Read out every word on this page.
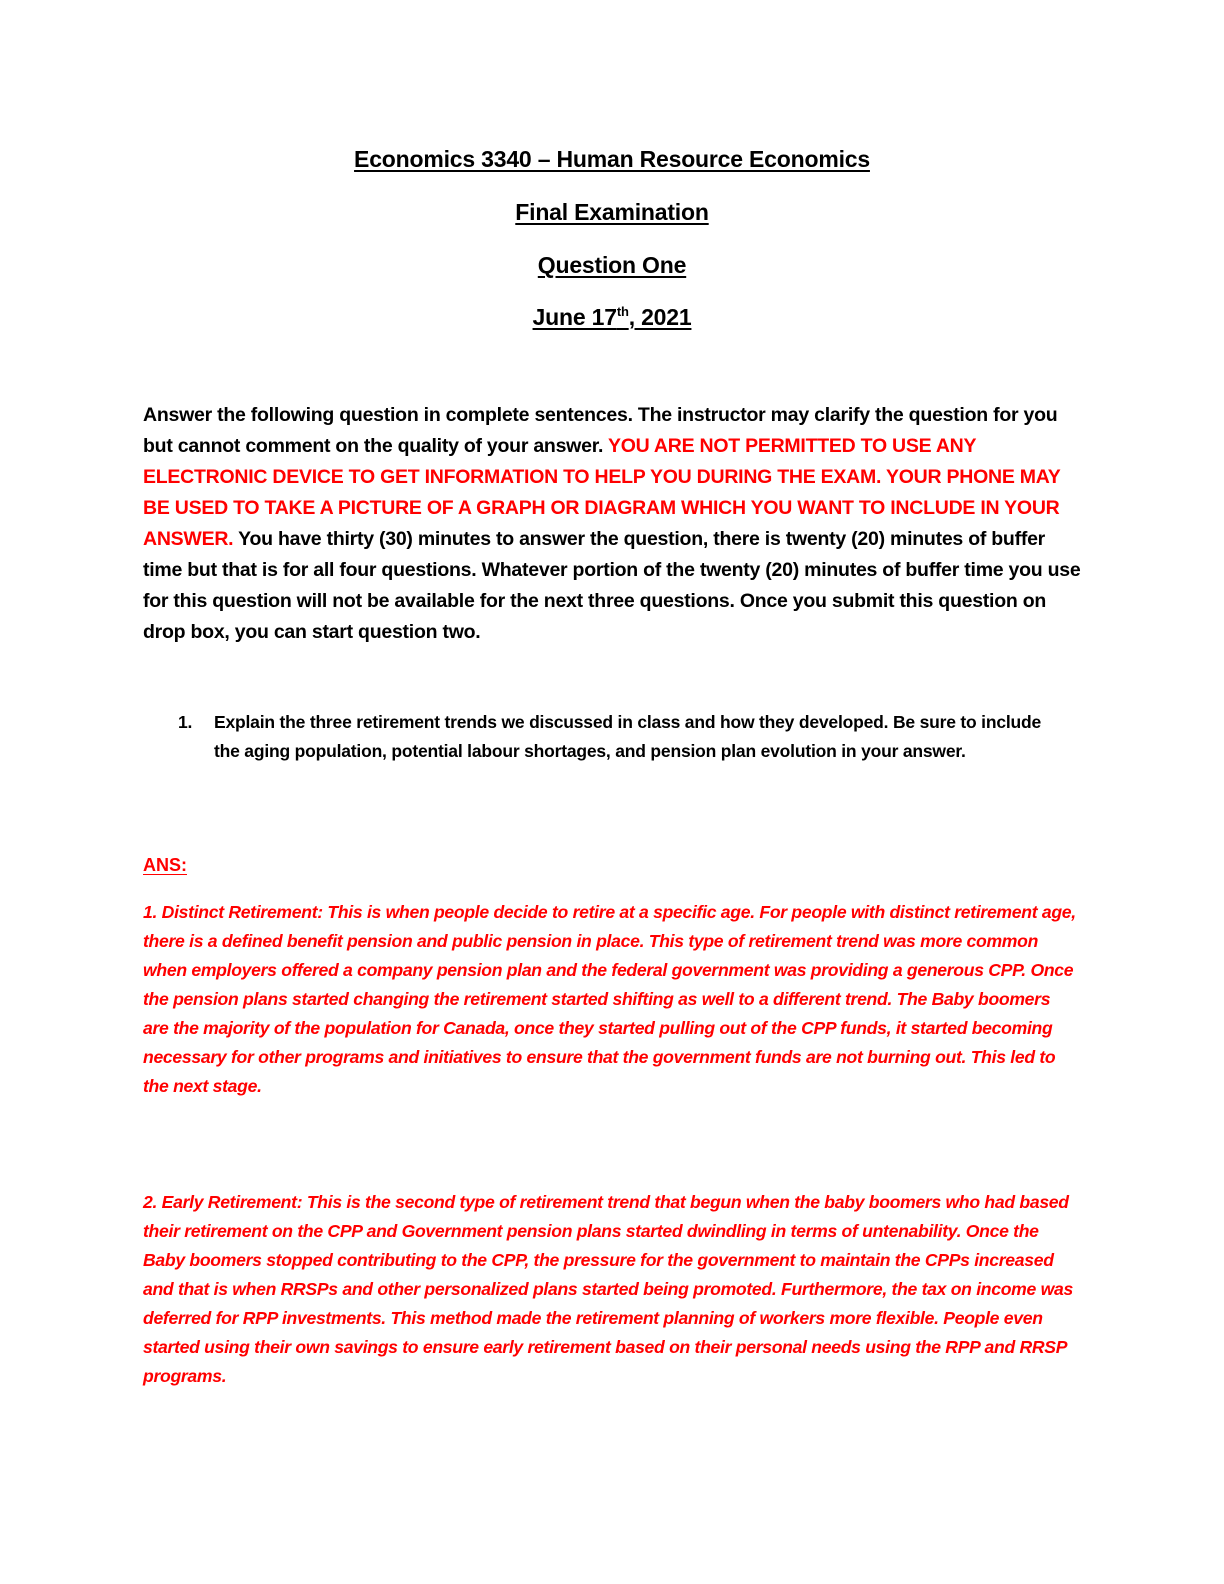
Economics 3340 – Human Resource Economics
Final Examination
Question One
June 17th, 2021
Answer the following question in complete sentences. The instructor may clarify the question for you but cannot comment on the quality of your answer. YOU ARE NOT PERMITTED TO USE ANY ELECTRONIC DEVICE TO GET INFORMATION TO HELP YOU DURING THE EXAM. YOUR PHONE MAY BE USED TO TAKE A PICTURE OF A GRAPH OR DIAGRAM WHICH YOU WANT TO INCLUDE IN YOUR ANSWER. You have thirty (30) minutes to answer the question, there is twenty (20) minutes of buffer time but that is for all four questions. Whatever portion of the twenty (20) minutes of buffer time you use for this question will not be available for the next three questions. Once you submit this question on drop box, you can start question two.
1. Explain the three retirement trends we discussed in class and how they developed. Be sure to include the aging population, potential labour shortages, and pension plan evolution in your answer.
ANS:
1. Distinct Retirement: This is when people decide to retire at a specific age. For people with distinct retirement age, there is a defined benefit pension and public pension in place. This type of retirement trend was more common when employers offered a company pension plan and the federal government was providing a generous CPP. Once the pension plans started changing the retirement started shifting as well to a different trend. The Baby boomers are the majority of the population for Canada, once they started pulling out of the CPP funds, it started becoming necessary for other programs and initiatives to ensure that the government funds are not burning out. This led to the next stage.
2. Early Retirement: This is the second type of retirement trend that begun when the baby boomers who had based their retirement on the CPP and Government pension plans started dwindling in terms of untenability. Once the Baby boomers stopped contributing to the CPP, the pressure for the government to maintain the CPPs increased and that is when RRSPs and other personalized plans started being promoted. Furthermore, the tax on income was deferred for RPP investments. This method made the retirement planning of workers more flexible. People even started using their own savings to ensure early retirement based on their personal needs using the RPP and RRSP programs.
